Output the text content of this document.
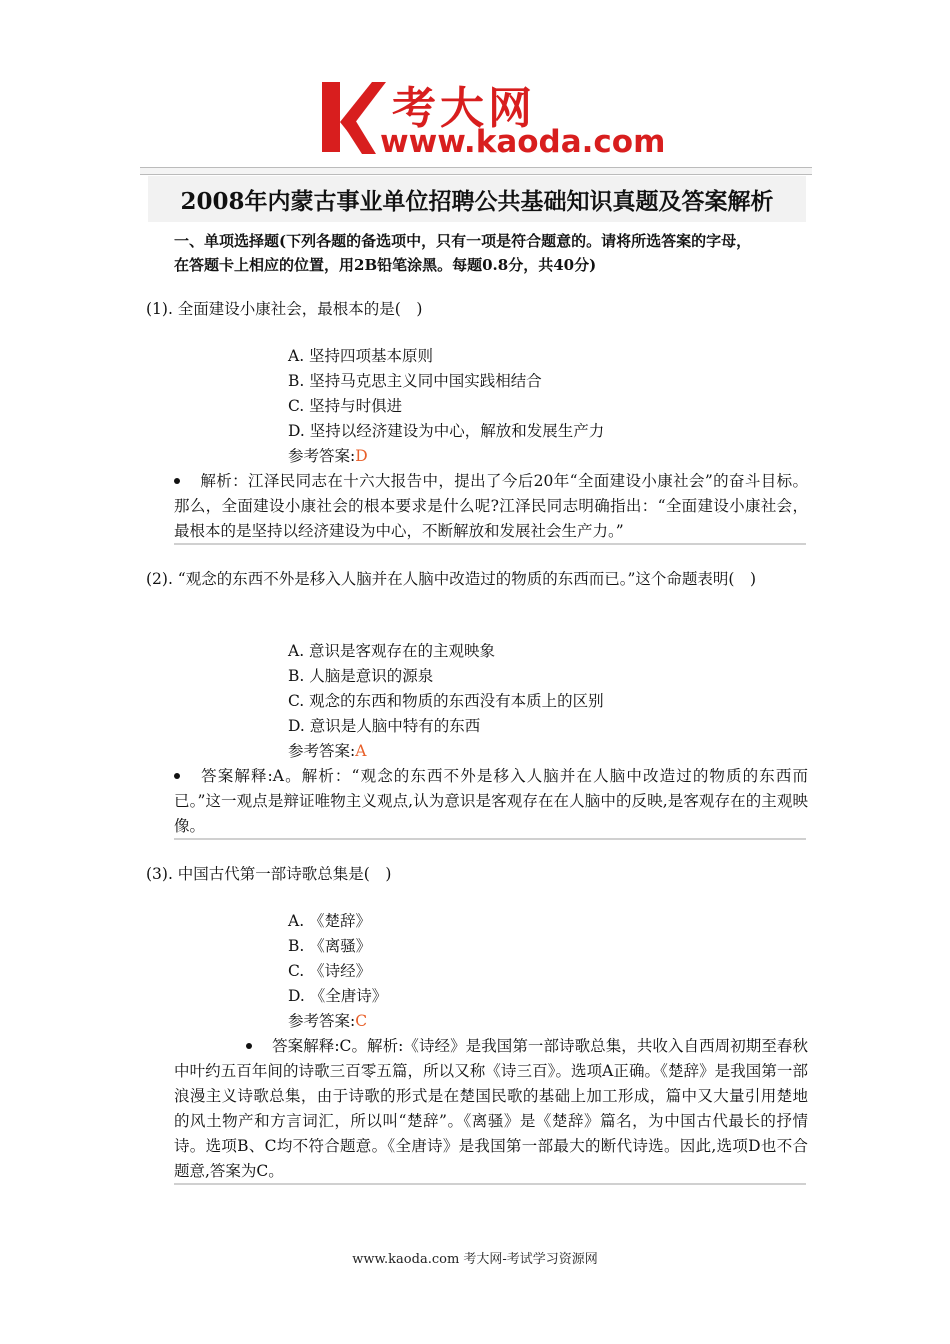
考大网
www.kaoda.com
2008年内蒙古事业单位招聘公共基础知识真题及答案解析
一、单项选择题(下列各题的备选项中，只有一项是符合题意的。请将所选答案的字母，
在答题卡上相应的位置，用2B铅笔涂黑。每题0.8分，共40分)
(1). 全面建设小康社会，最根本的是(　)
A. 坚持四项基本原则
B. 坚持马克思主义同中国实践相结合
C. 坚持与时俱进
D. 坚持以经济建设为中心，解放和发展生产力
参考答案:D
解析：江泽民同志在十六大报告中，提出了今后20年“全面建设小康社会”的奋斗目标。那么，全面建设小康社会的根本要求是什么呢?江泽民同志明确指出：“全面建设小康社会，最根本的是坚持以经济建设为中心，不断解放和发展社会生产力。”
(2). “观念的东西不外是移入人脑并在人脑中改造过的物质的东西而已。”这个命题表明(　)
A. 意识是客观存在的主观映象
B. 人脑是意识的源泉
C. 观念的东西和物质的东西没有本质上的区别
D. 意识是人脑中特有的东西
参考答案:A
答案解释:A。解析：“观念的东西不外是移入人脑并在人脑中改造过的物质的东西而已。”这一观点是辩证唯物主义观点,认为意识是客观存在在人脑中的反映,是客观存在的主观映像。
(3). 中国古代第一部诗歌总集是(　)
A. 《楚辞》
B. 《离骚》
C. 《诗经》
D. 《全唐诗》
参考答案:C
答案解释:C。解析:《诗经》是我国第一部诗歌总集，共收入自西周初期至春秋中叶约五百年间的诗歌三百零五篇，所以又称《诗三百》。选项A正确。《楚辞》是我国第一部浪漫主义诗歌总集，由于诗歌的形式是在楚国民歌的基础上加工形成，篇中又大量引用楚地的风土物产和方言词汇，所以叫“楚辞”。《离骚》是《楚辞》篇名，为中国古代最长的抒情诗。选项B、C均不符合题意。《全唐诗》是我国第一部最大的断代诗选。因此,选项D也不合题意,答案为C。
www.kaoda.com 考大网-考试学习资源网
